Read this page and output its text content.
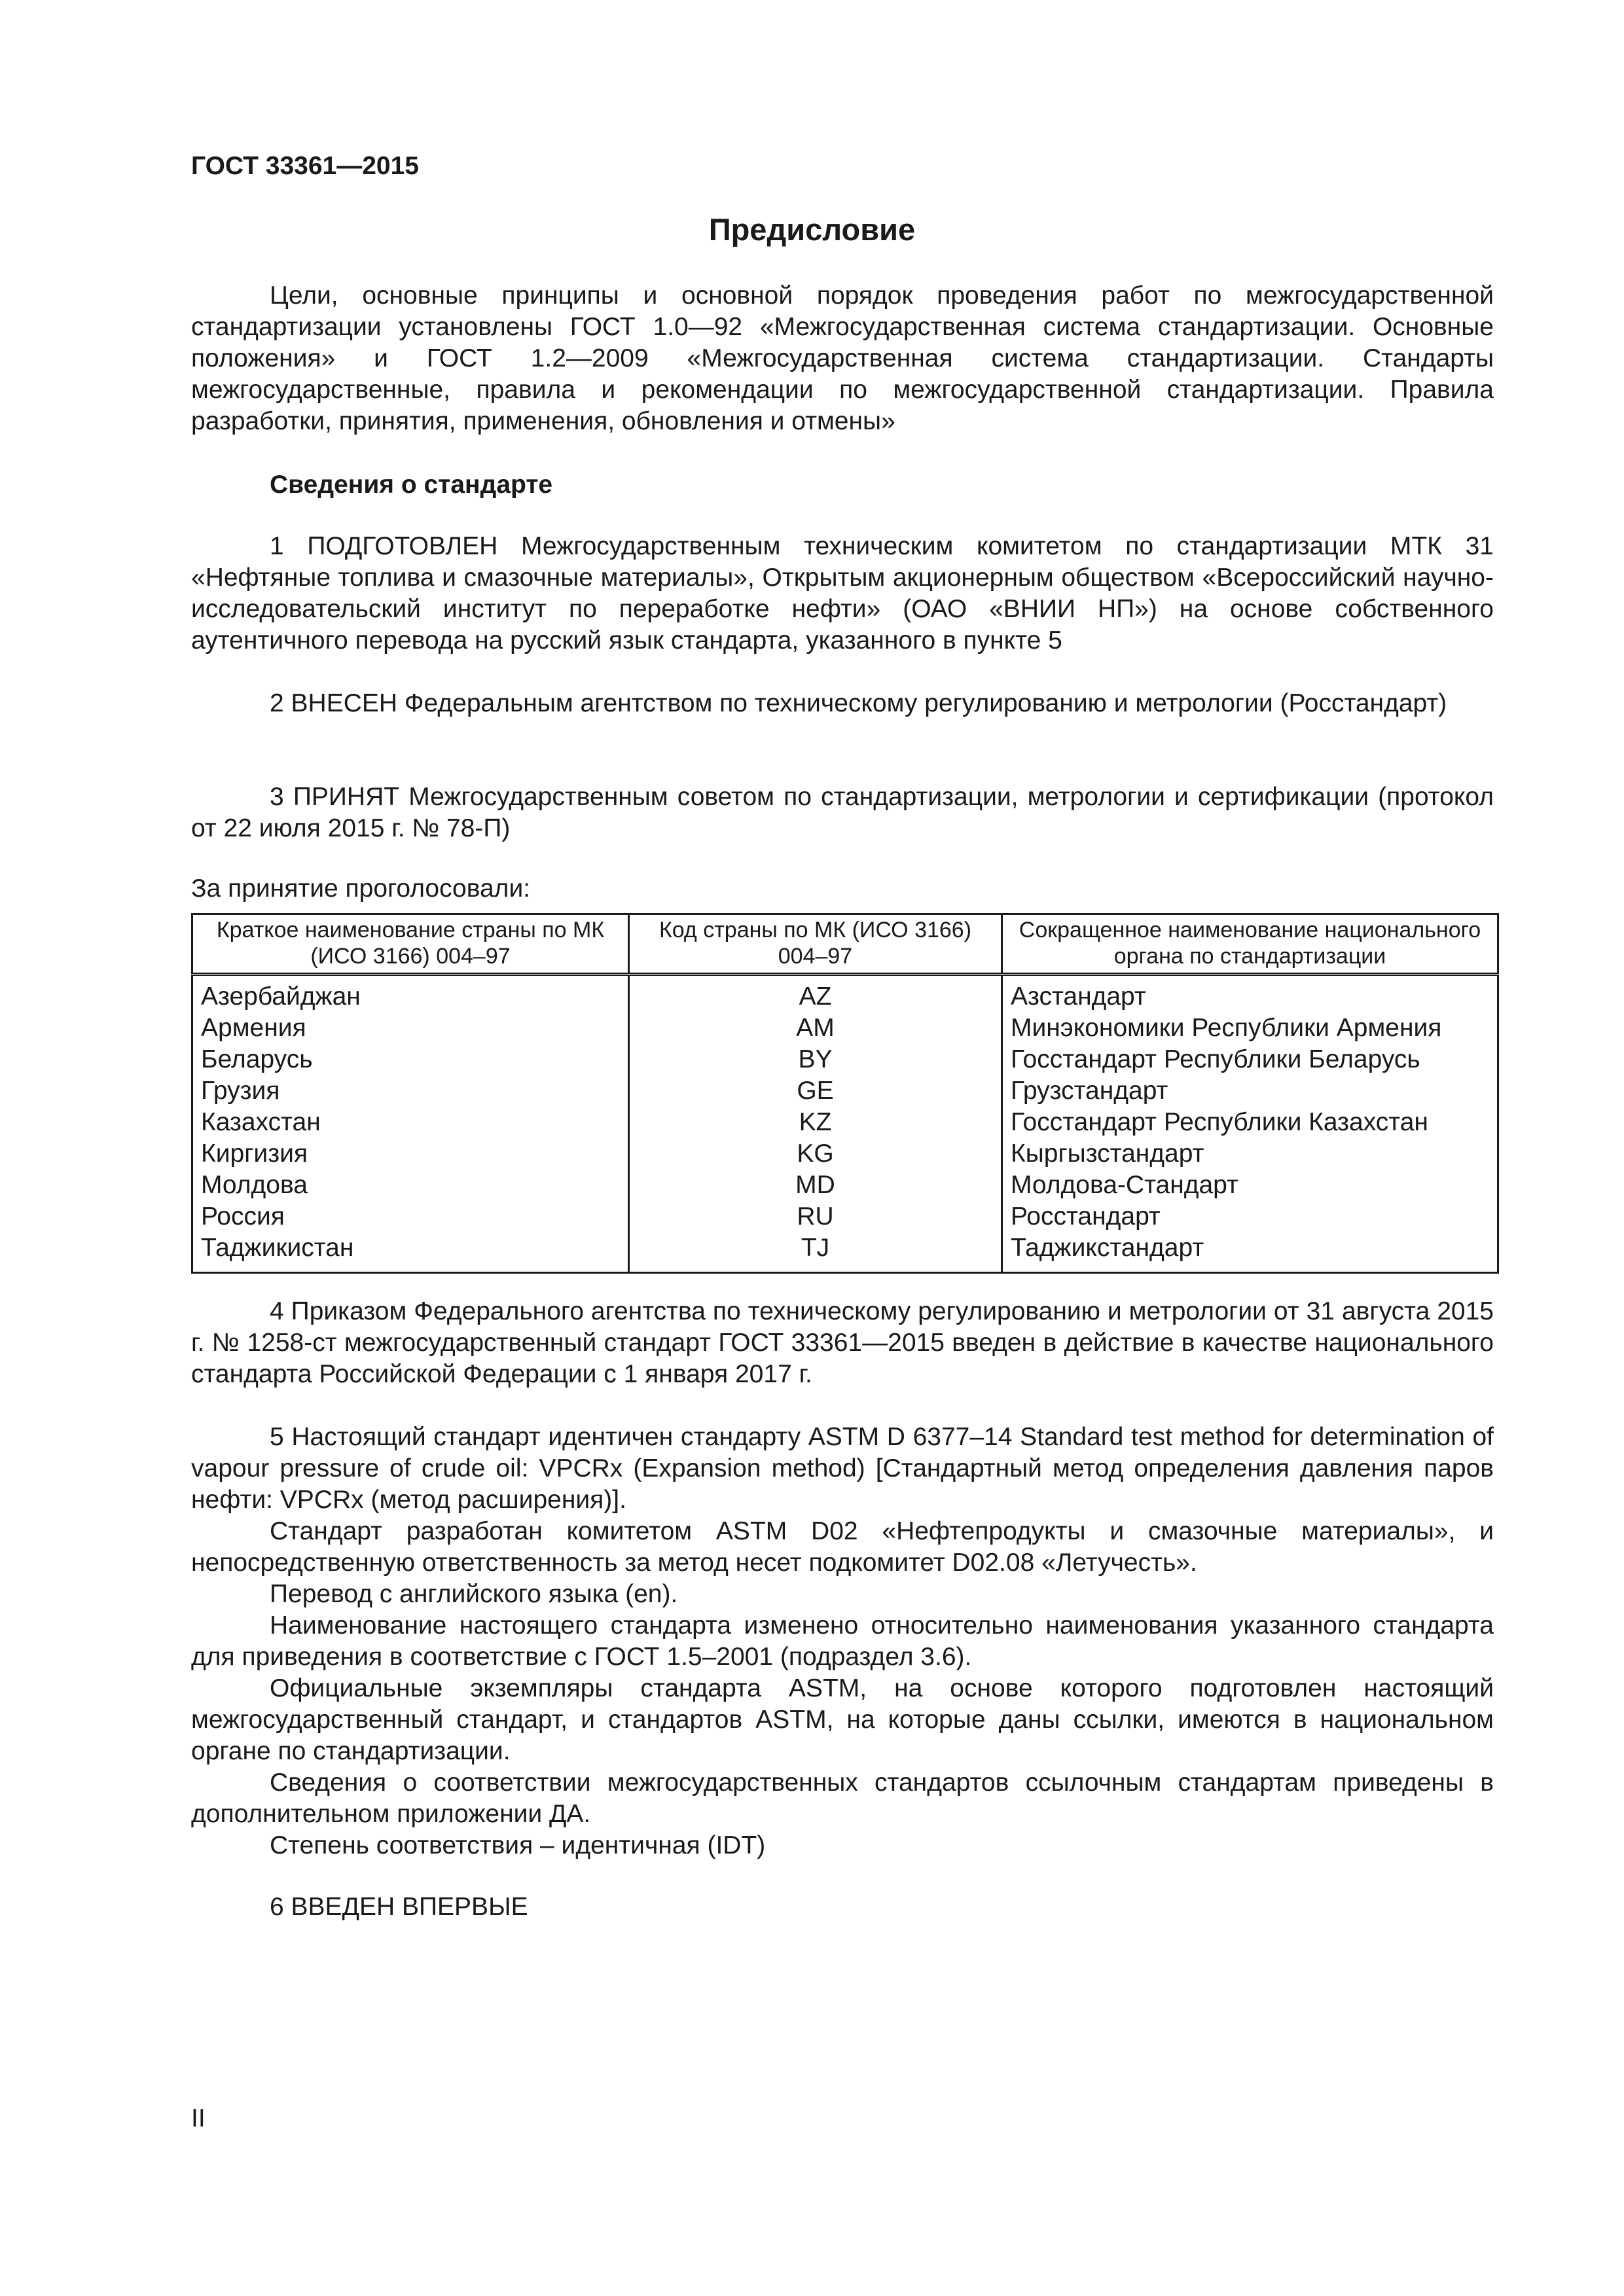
ГОСТ 33361—2015

Предисловие

Цели, основные принципы и основной порядок проведения работ по межгосударственной стандартизации установлены ГОСТ 1.0—92 «Межгосударственная система стандартизации. Основные положения» и ГОСТ 1.2—2009 «Межгосударственная система стандартизации. Стандарты межгосударственные, правила и рекомендации по межгосударственной стандартизации. Правила разработки, принятия, применения, обновления и отмены»

Сведения о стандарте

1 ПОДГОТОВЛЕН Межгосударственным техническим комитетом по стандартизации МТК 31 «Нефтяные топлива и смазочные материалы», Открытым акционерным обществом «Всероссийский научно-исследовательский институт по переработке нефти» (ОАО «ВНИИ НП») на основе собственного аутентичного перевода на русский язык стандарта, указанного в пункте 5

2 ВНЕСЕН Федеральным агентством по техническому регулированию и метрологии (Росстандарт)

3 ПРИНЯТ Межгосударственным советом по стандартизации, метрологии и сертификации (протокол от 22 июля 2015 г. № 78-П)

За принятие проголосовали:

Краткое наименование страны по МК (ИСО 3166) 004–97	Код страны по МК (ИСО 3166) 004–97	Сокращенное наименование национального органа по стандартизации
Азербайджан	AZ	Азстандарт
Армения	AM	Минэкономики Республики Армения
Беларусь	BY	Госстандарт Республики Беларусь
Грузия	GE	Грузстандарт
Казахстан	KZ	Госстандарт Республики Казахстан
Киргизия	KG	Кыргызстандарт
Молдова	MD	Молдова-Стандарт
Россия	RU	Росстандарт
Таджикистан	TJ	Таджикстандарт

4 Приказом Федерального агентства по техническому регулированию и метрологии от 31 августа 2015 г. № 1258-ст межгосударственный стандарт ГОСТ 33361—2015 введен в действие в качестве национального стандарта Российской Федерации с 1 января 2017 г.

5 Настоящий стандарт идентичен стандарту ASTM D 6377–14 Standard test method for determination of vapour pressure of crude oil: VPCRx (Expansion method) [Стандартный метод определения давления паров нефти: VPCRx (метод расширения)].

Стандарт разработан комитетом ASTM D02 «Нефтепродукты и смазочные материалы», и непосредственную ответственность за метод несет подкомитет D02.08 «Летучесть».

Перевод с английского языка (en).

Наименование настоящего стандарта изменено относительно наименования указанного стандарта для приведения в соответствие с ГОСТ 1.5–2001 (подраздел 3.6).

Официальные экземпляры стандарта ASTM, на основе которого подготовлен настоящий межгосударственный стандарт, и стандартов ASTM, на которые даны ссылки, имеются в национальном органе по стандартизации.

Сведения о соответствии межгосударственных стандартов ссылочным стандартам приведены в дополнительном приложении ДА.

Степень соответствия – идентичная (IDT)

6 ВВЕДЕН ВПЕРВЫЕ

II
